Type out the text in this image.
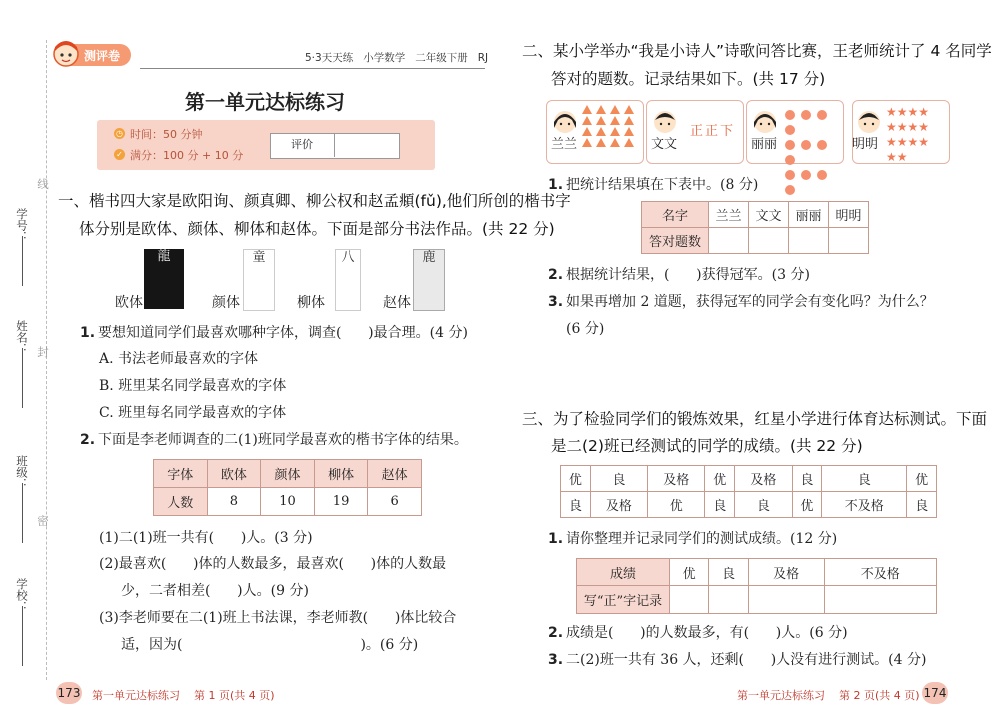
学号：
线
姓名： 封
班级：
密
学校：
测评卷	5·3天天练   小学数学   二年级下册   RJ
第一单元达标练习
◷ 时间：50 分钟
✓ 满分：100 分 + 10 分
评价
一、楷书四大家是欧阳询、颜真卿、柳公权和赵孟頫(fǔ),他们所创的楷书字
体分别是欧体、颜体、柳体和赵体。下面是部分书法作品。(共 22 分)
龍	童	八	鹿
欧体	颜体	柳体	赵体
1. 要想知道同学们最喜欢哪种字体，调查(      )最合理。(4 分)
A. 书法老师最喜欢的字体
B. 班里某名同学最喜欢的字体
C. 班里每名同学最喜欢的字体
2. 下面是李老师调查的二(1)班同学最喜欢的楷书字体的结果。
字体	欧体	颜体	柳体	赵体
人数	8	10	19	6
(1)二(1)班一共有(      )人。(3 分)
(2)最喜欢(      )体的人数最多，最喜欢(      )体的人数最
少，二者相差(      )人。(9 分)
(3)李老师要在二(1)班上书法课，李老师教(      )体比较合
适，因为(                                        )。(6 分)
173 第一单元达标练习    第 1 页(共 4 页)
二、某小学举办“我是小诗人”诗歌问答比赛，王老师统计了 4 名同学
答对的题数。记录结果如下。(共 17 分)
兰兰	文文
正正下
丽丽	明明
★★★★
★★★★
★★★★
★★
1. 把统计结果填在下表中。(8 分)
名字	兰兰	文文	丽丽	明明
答对题数				
2. 根据统计结果，(      )获得冠军。(3 分)
3. 如果再增加 2 道题，获得冠军的同学会有变化吗？为什么？
(6 分)
三、为了检验同学们的锻炼效果，红星小学进行体育达标测试。下面
是二(2)班已经测试的同学的成绩。(共 22 分)
优	良	及格	优	及格	良	良	优
良	及格	优	良	良	优	不及格	良
1. 请你整理并记录同学们的测试成绩。(12 分)
成绩	优	良	及格	不及格
写“正”字记录				
2. 成绩是(      )的人数最多，有(      )人。(6 分)
3. 二(2)班一共有 36 人，还剩(      )人没有进行测试。(4 分)
第一单元达标练习    第 2 页(共 4 页) 174
